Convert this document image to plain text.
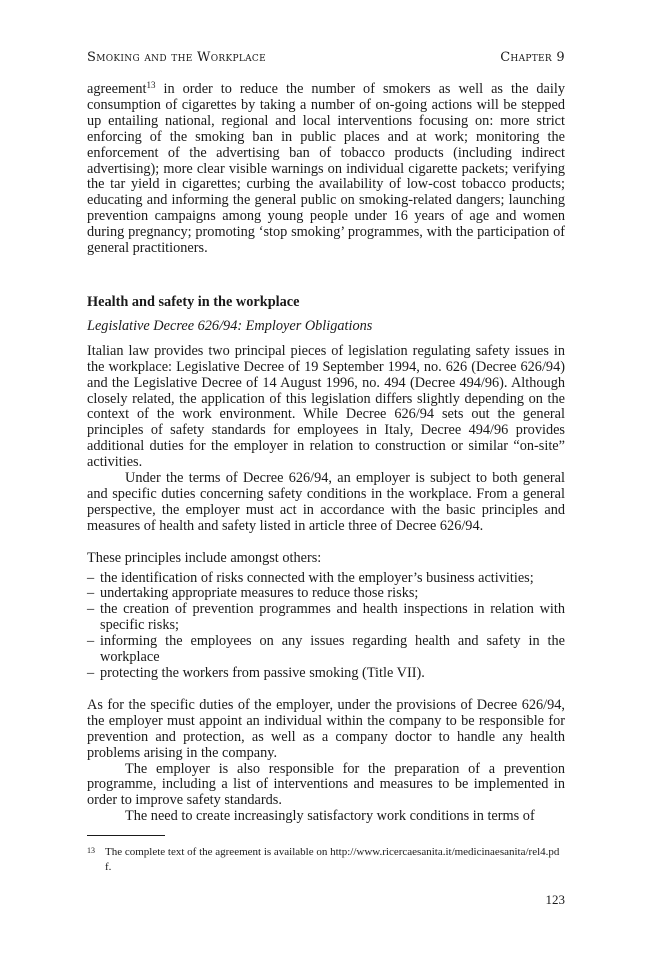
Smoking and the Workplace	Chapter 9

agreement$^{13}$ in order to reduce the number of smokers as well as the daily consumption of cigarettes by taking a number of on-going actions will be stepped up entailing national, regional and local interventions focusing on: more strict enforcing of the smoking ban in public places and at work; monitoring the enforcement of the advertising ban of tobacco products (including indirect advertising); more clear visible warnings on individual cigarette packets; verifying the tar yield in cigarettes; curbing the availability of low-cost tobacco products; educating and informing the general public on smoking-related dangers; launching prevention campaigns among young people under 16 years of age and women during pregnancy; promoting ‘stop smoking’ programmes, with the participation of general practitioners.

Health and safety in the workplace

Legislative Decree 626/94: Employer Obligations

Italian law provides two principal pieces of legislation regulating safety issues in the workplace: Legislative Decree of 19 September 1994, no. 626 (Decree 626/94) and the Legislative Decree of 14 August 1996, no. 494 (Decree 494/96). Although closely related, the application of this legislation differs slightly depending on the context of the work environment. While Decree 626/94 sets out the general principles of safety standards for employees in Italy, Decree 494/96 provides additional duties for the employer in relation to construction or similar “on-site” activities.

Under the terms of Decree 626/94, an employer is subject to both general and specific duties concerning safety conditions in the workplace. From a general perspective, the employer must act in accordance with the basic principles and measures of health and safety listed in article three of Decree 626/94.

These principles include amongst others:

– the identification of risks connected with the employer’s business activities;
– undertaking appropriate measures to reduce those risks;
– the creation of prevention programmes and health inspections in relation with specific risks;
– informing the employees on any issues regarding health and safety in the workplace
– protecting the workers from passive smoking (Title VII).

As for the specific duties of the employer, under the provisions of Decree 626/94, the employer must appoint an individual within the company to be responsible for prevention and protection, as well as a company doctor to handle any health problems arising in the company.

The employer is also responsible for the preparation of a prevention programme, including a list of interventions and measures to be implemented in order to improve safety standards.

The need to create increasingly satisfactory work conditions in terms of

13 The complete text of the agreement is available on http://www.ricercaesanita.it/medicinaesanita/rel4.pdf.
123
